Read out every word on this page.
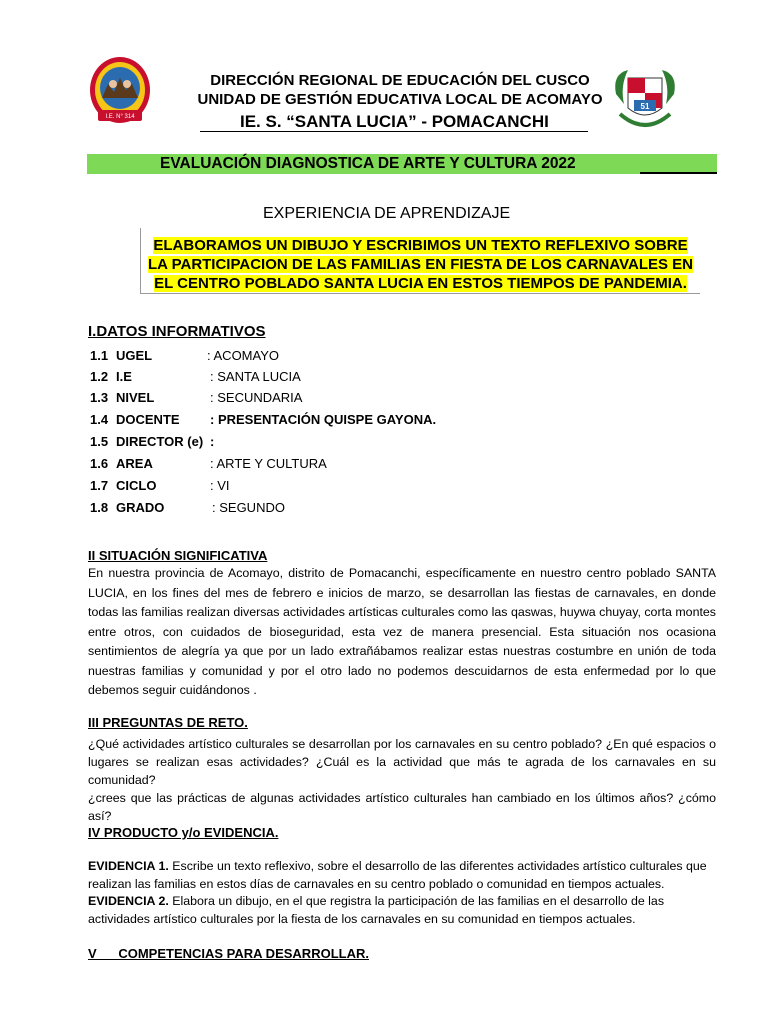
I.E. N° 314
51
DIRECCIÓN REGIONAL DE EDUCACIÓN DEL CUSCO
UNIDAD DE GESTIÓN EDUCATIVA LOCAL DE ACOMAYO
IE. S. “SANTA LUCIA” - POMACANCHI
EVALUACIÓN DIAGNOSTICA DE ARTE Y CULTURA 2022
EXPERIENCIA DE APRENDIZAJE
ELABORAMOS UN DIBUJO Y ESCRIBIMOS UN TEXTO REFLEXIVO SOBRE
LA PARTICIPACION DE LAS FAMILIAS EN FIESTA DE LOS CARNAVALES EN
EL CENTRO POBLADO SANTA LUCIA EN ESTOS TIEMPOS DE PANDEMIA.
I.DATOS INFORMATIVOS
1.1 UGEL	: ACOMAYO
1.2 I.E	: SANTA LUCIA
1.3 NIVEL	: SECUNDARIA
1.4 DOCENTE : PRESENTACIÓN QUISPE GAYONA.
1.5 DIRECTOR (e) :
1.6 AREA	: ARTE Y CULTURA
1.7 CICLO	: VI
1.8 GRADO	: SEGUNDO
II SITUACIÓN SIGNIFICATIVA
En nuestra provincia de Acomayo, distrito de Pomacanchi, específicamente en nuestro centro poblado SANTA LUCIA, en los fines del mes de febrero e inicios de marzo, se desarrollan las fiestas de carnavales, en donde todas las familias realizan diversas actividades artísticas culturales como las qaswas, huywa chuyay, corta montes entre otros, con cuidados de bioseguridad, esta vez de manera presencial. Esta situación nos ocasiona sentimientos de alegría ya que por un lado extrañábamos realizar estas nuestras costumbre en unión de toda nuestras familias y comunidad y por el otro lado no podemos descuidarnos de esta enfermedad por lo que debemos seguir cuidándonos .
III PREGUNTAS DE RETO.

¿Qué actividades artístico culturales se desarrollan por los carnavales en su centro poblado? ¿En qué espacios o lugares se realizan esas actividades? ¿Cuál es la actividad que más te agrada de los carnavales en su comunidad?

¿crees que las prácticas de algunas actividades artístico culturales han cambiado en los últimos años? ¿cómo así?

IV PRODUCTO y/o EVIDENCIA.

EVIDENCIA 1. Escribe un texto reflexivo, sobre el desarrollo de las diferentes actividades artístico culturales que realizan las familias en estos días de carnavales en su centro poblado o comunidad en tiempos actuales.

EVIDENCIA 2. Elabora un dibujo, en el que registra la participación de las familias en el desarrollo de las actividades artístico culturales por la fiesta de los carnavales en su comunidad en tiempos actuales.

V      COMPETENCIAS PARA DESARROLLAR.
